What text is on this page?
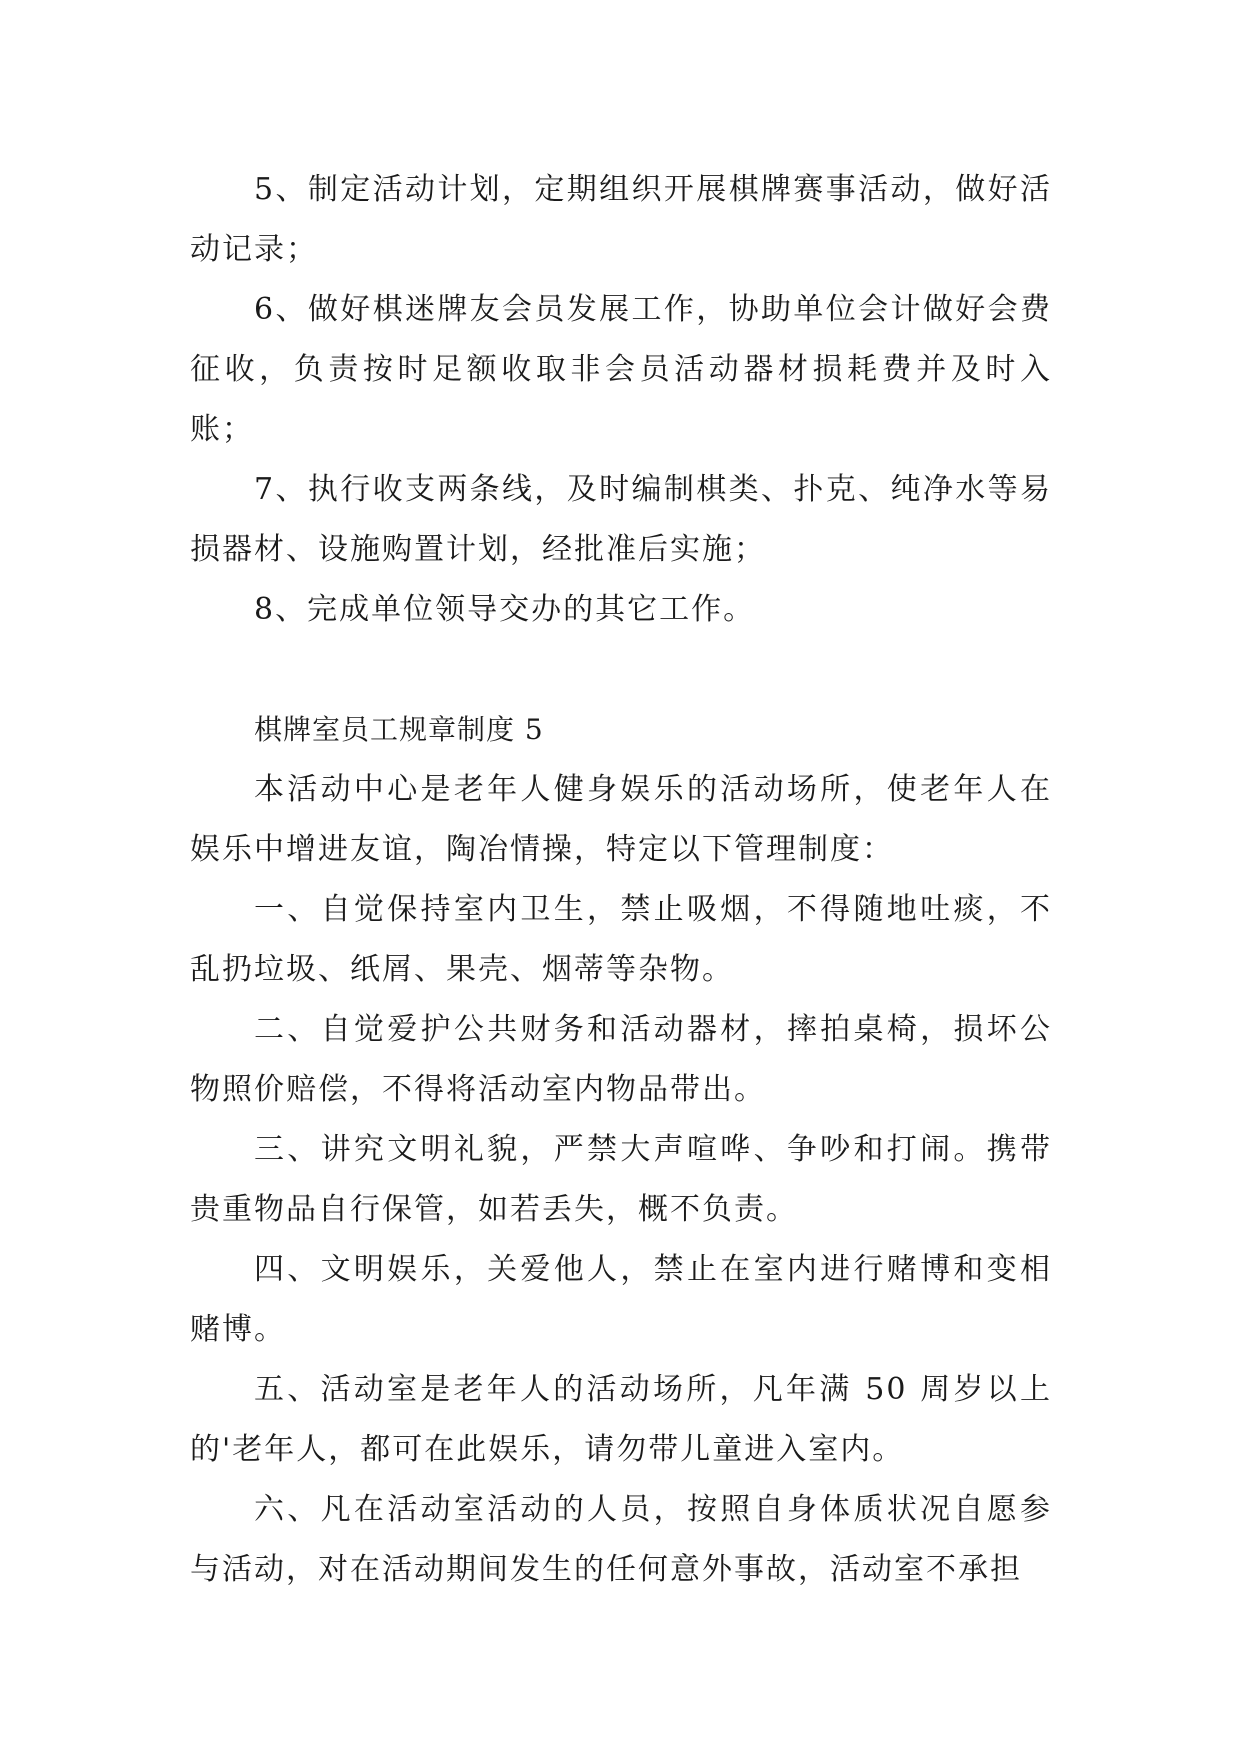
5、制定活动计划，定期组织开展棋牌赛事活动，做好活动记录；

6、做好棋迷牌友会员发展工作，协助单位会计做好会费征收，负责按时足额收取非会员活动器材损耗费并及时入账；

7、执行收支两条线，及时编制棋类、扑克、纯净水等易损器材、设施购置计划，经批准后实施；

8、完成单位领导交办的其它工作。

棋牌室员工规章制度 5

本活动中心是老年人健身娱乐的活动场所，使老年人在娱乐中增进友谊，陶冶情操，特定以下管理制度：

一、自觉保持室内卫生，禁止吸烟，不得随地吐痰，不乱扔垃圾、纸屑、果壳、烟蒂等杂物。

二、自觉爱护公共财务和活动器材，摔拍桌椅，损坏公物照价赔偿，不得将活动室内物品带出。

三、讲究文明礼貌，严禁大声喧哗、争吵和打闹。携带贵重物品自行保管，如若丢失，概不负责。

四、文明娱乐，关爱他人，禁止在室内进行赌博和变相赌博。

五、活动室是老年人的活动场所，凡年满 50 周岁以上的'老年人，都可在此娱乐，请勿带儿童进入室内。

六、凡在活动室活动的人员，按照自身体质状况自愿参与活动，对在活动期间发生的任何意外事故，活动室不承担
